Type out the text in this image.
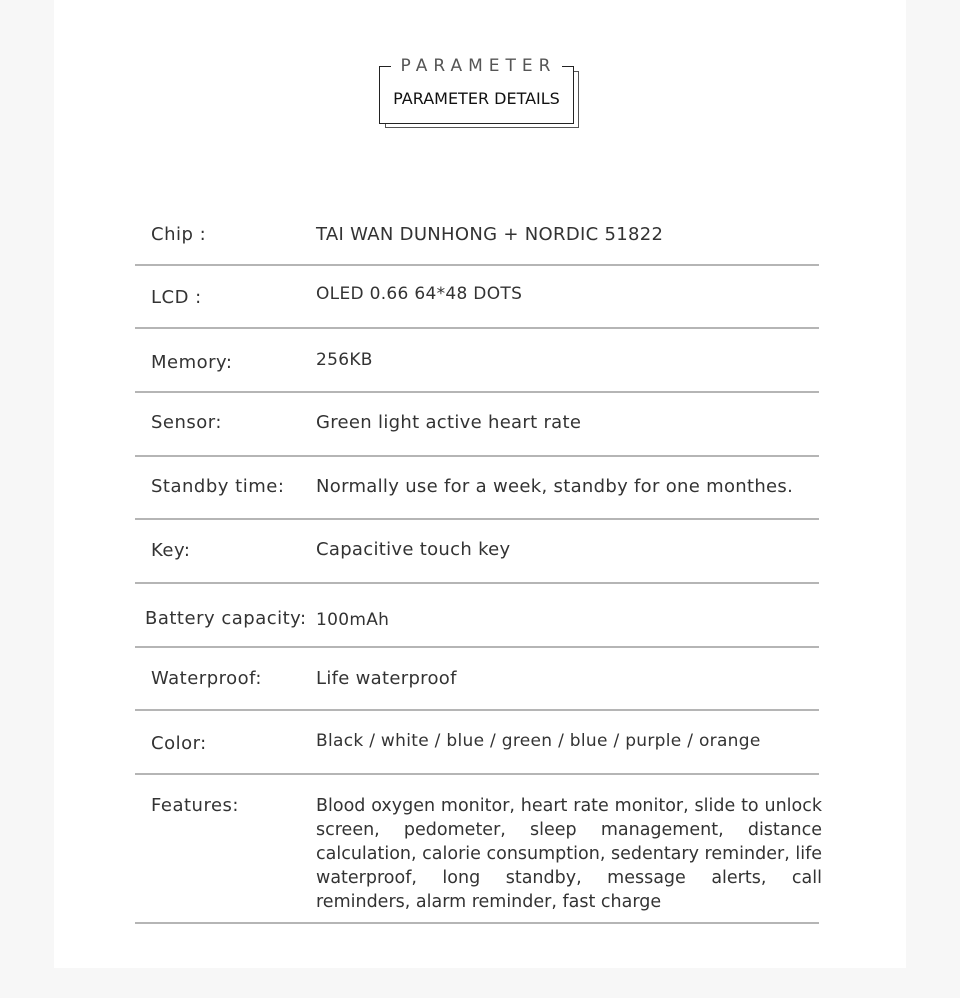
PARAMETER
PARAMETER DETAILS
Chip :	TAI WAN DUNHONG + NORDIC 51822
LCD :	OLED 0.66 64*48 DOTS
Memory:	256KB
Sensor:	Green light active heart rate
Standby time: Normally use for a week, standby for one monthes.
Key:	Capacitive touch key
Battery capacity: 100mAh
Waterproof:	Life waterproof
Color:	Black / white / blue / green / blue / purple / orange
Features:	Blood oxygen monitor, heart rate monitor, slide to unlock screen, pedometer, sleep management, distance calculation, calorie consumption, sedentary reminder, life waterproof, long standby, message alerts, call reminders, alarm reminder, fast charge
